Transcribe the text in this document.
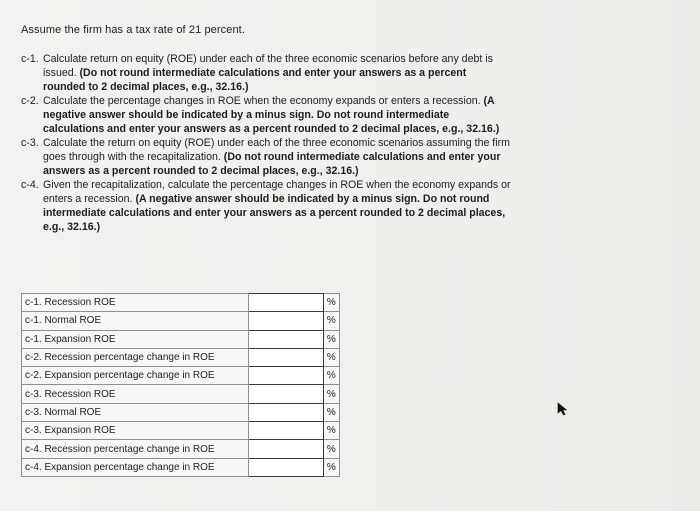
Assume the firm has a tax rate of 21 percent.
c-1. Calculate return on equity (ROE) under each of the three economic scenarios before any debt is issued. (Do not round intermediate calculations and enter your answers as a percent rounded to 2 decimal places, e.g., 32.16.)
c-2. Calculate the percentage changes in ROE when the economy expands or enters a recession. (A negative answer should be indicated by a minus sign. Do not round intermediate calculations and enter your answers as a percent rounded to 2 decimal places, e.g., 32.16.)
c-3. Calculate the return on equity (ROE) under each of the three economic scenarios assuming the firm goes through with the recapitalization. (Do not round intermediate calculations and enter your answers as a percent rounded to 2 decimal places, e.g., 32.16.)
c-4. Given the recapitalization, calculate the percentage changes in ROE when the economy expands or enters a recession. (A negative answer should be indicated by a minus sign. Do not round intermediate calculations and enter your answers as a percent rounded to 2 decimal places, e.g., 32.16.)
c-1. Recession ROE		%
c-1. Normal ROE		%
c-1. Expansion ROE		%
c-2. Recession percentage change in ROE		%
c-2. Expansion percentage change in ROE		%
c-3. Recession ROE		%
c-3. Normal ROE		%
c-3. Expansion ROE		%
c-4. Recession percentage change in ROE		%
c-4. Expansion percentage change in ROE		%
